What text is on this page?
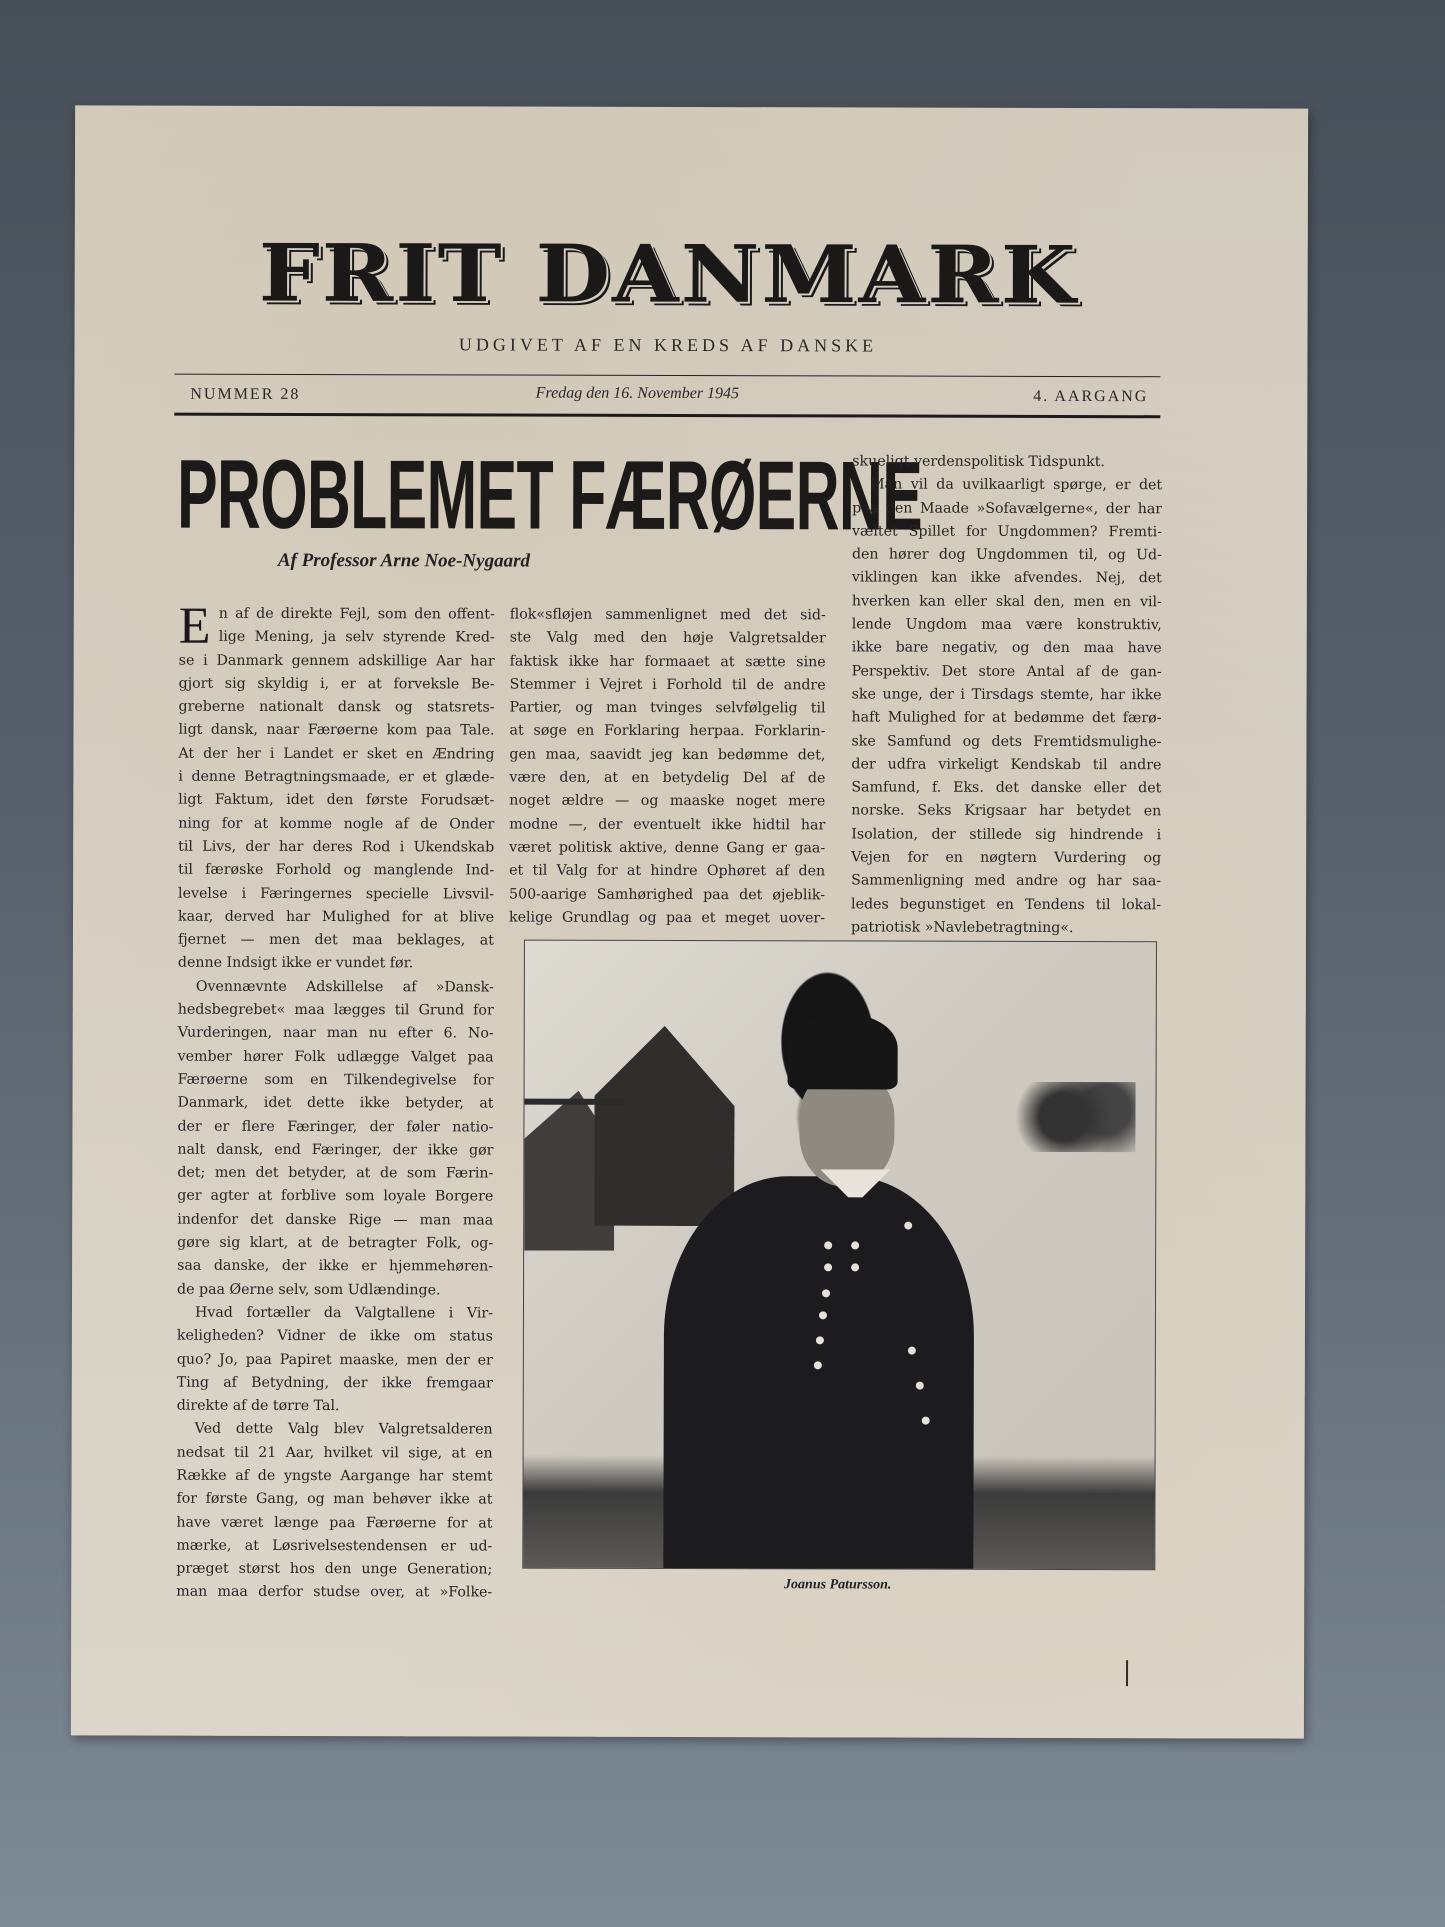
FRIT DANMARK
UDGIVET AF EN KREDS AF DANSKE
NUMMER 28	Fredag den 16. November 1945	4. AARGANG
PROBLEMET FÆRØERNE
Af Professor Arne Noe-Nygaard
E n af de direkte Fejl, som den offent-
lige Mening, ja selv styrende Kred-
se i Danmark gennem adskillige Aar har
gjort sig skyldig i, er at forveksle Be-
greberne nationalt dansk og statsrets-
ligt dansk, naar Færøerne kom paa Tale.
At der her i Landet er sket en Ændring
i denne Betragtningsmaade, er et glæde-
ligt Faktum, idet den første Forudsæt-
ning for at komme nogle af de Onder
til Livs, der har deres Rod i Ukendskab
til færøske Forhold og manglende Ind-
levelse i Færingernes specielle Livsvil-
kaar, derved har Mulighed for at blive
fjernet — men det maa beklages, at
denne Indsigt ikke er vundet før.
Ovennævnte Adskillelse af »Dansk-
hedsbegrebet« maa lægges til Grund for
Vurderingen, naar man nu efter 6. No-
vember hører Folk udlægge Valget paa
Færøerne som en Tilkendegivelse for
Danmark, idet dette ikke betyder, at
der er flere Færinger, der føler natio-
nalt dansk, end Færinger, der ikke gør
det; men det betyder, at de som Færin-
ger agter at forblive som loyale Borgere
indenfor det danske Rige — man maa
gøre sig klart, at de betragter Folk, og-
saa danske, der ikke er hjemmehøren-
de paa Øerne selv, som Udlændinge.
Hvad fortæller da Valgtallene i Vir-
keligheden? Vidner de ikke om status
quo? Jo, paa Papiret maaske, men der er
Ting af Betydning, der ikke fremgaar
direkte af de tørre Tal.
Ved dette Valg blev Valgretsalderen
nedsat til 21 Aar, hvilket vil sige, at en
Række af de yngste Aargange har stemt
for første Gang, og man behøver ikke at
have været længe paa Færøerne for at
mærke, at Løsrivelsestendensen er ud-
præget størst hos den unge Generation;
man maa derfor studse over, at »Folke-
flok«sfløjen sammenlignet med det sid-
ste Valg med den høje Valgretsalder
faktisk ikke har formaaet at sætte sine
Stemmer i Vejret i Forhold til de andre
Partier, og man tvinges selvfølgelig til
at søge en Forklaring herpaa. Forklarin-
gen maa, saavidt jeg kan bedømme det,
være den, at en betydelig Del af de
noget ældre — og maaske noget mere
modne —, der eventuelt ikke hidtil har
været politisk aktive, denne Gang er gaa-
et til Valg for at hindre Ophøret af den
500-aarige Samhørighed paa det øjeblik-
kelige Grundlag og paa et meget uover-
skueligt verdenspolitisk Tidspunkt.
Man vil da uvilkaarligt spørge, er det
paa den Maade »Sofavælgerne«, der har
væltet Spillet for Ungdommen? Fremti-
den hører dog Ungdommen til, og Ud-
viklingen kan ikke afvendes. Nej, det
hverken kan eller skal den, men en vil-
lende Ungdom maa være konstruktiv,
ikke bare negativ, og den maa have
Perspektiv. Det store Antal af de gan-
ske unge, der i Tirsdags stemte, har ikke
haft Mulighed for at bedømme det færø-
ske Samfund og dets Fremtidsmulighe-
der udfra virkeligt Kendskab til andre
Samfund, f. Eks. det danske eller det
norske. Seks Krigsaar har betydet en
Isolation, der stillede sig hindrende i
Vejen for en nøgtern Vurdering og
Sammenligning med andre og har saa-
ledes begunstiget en Tendens til lokal-
patriotisk »Navlebetragtning«.
Joanus Patursson.
